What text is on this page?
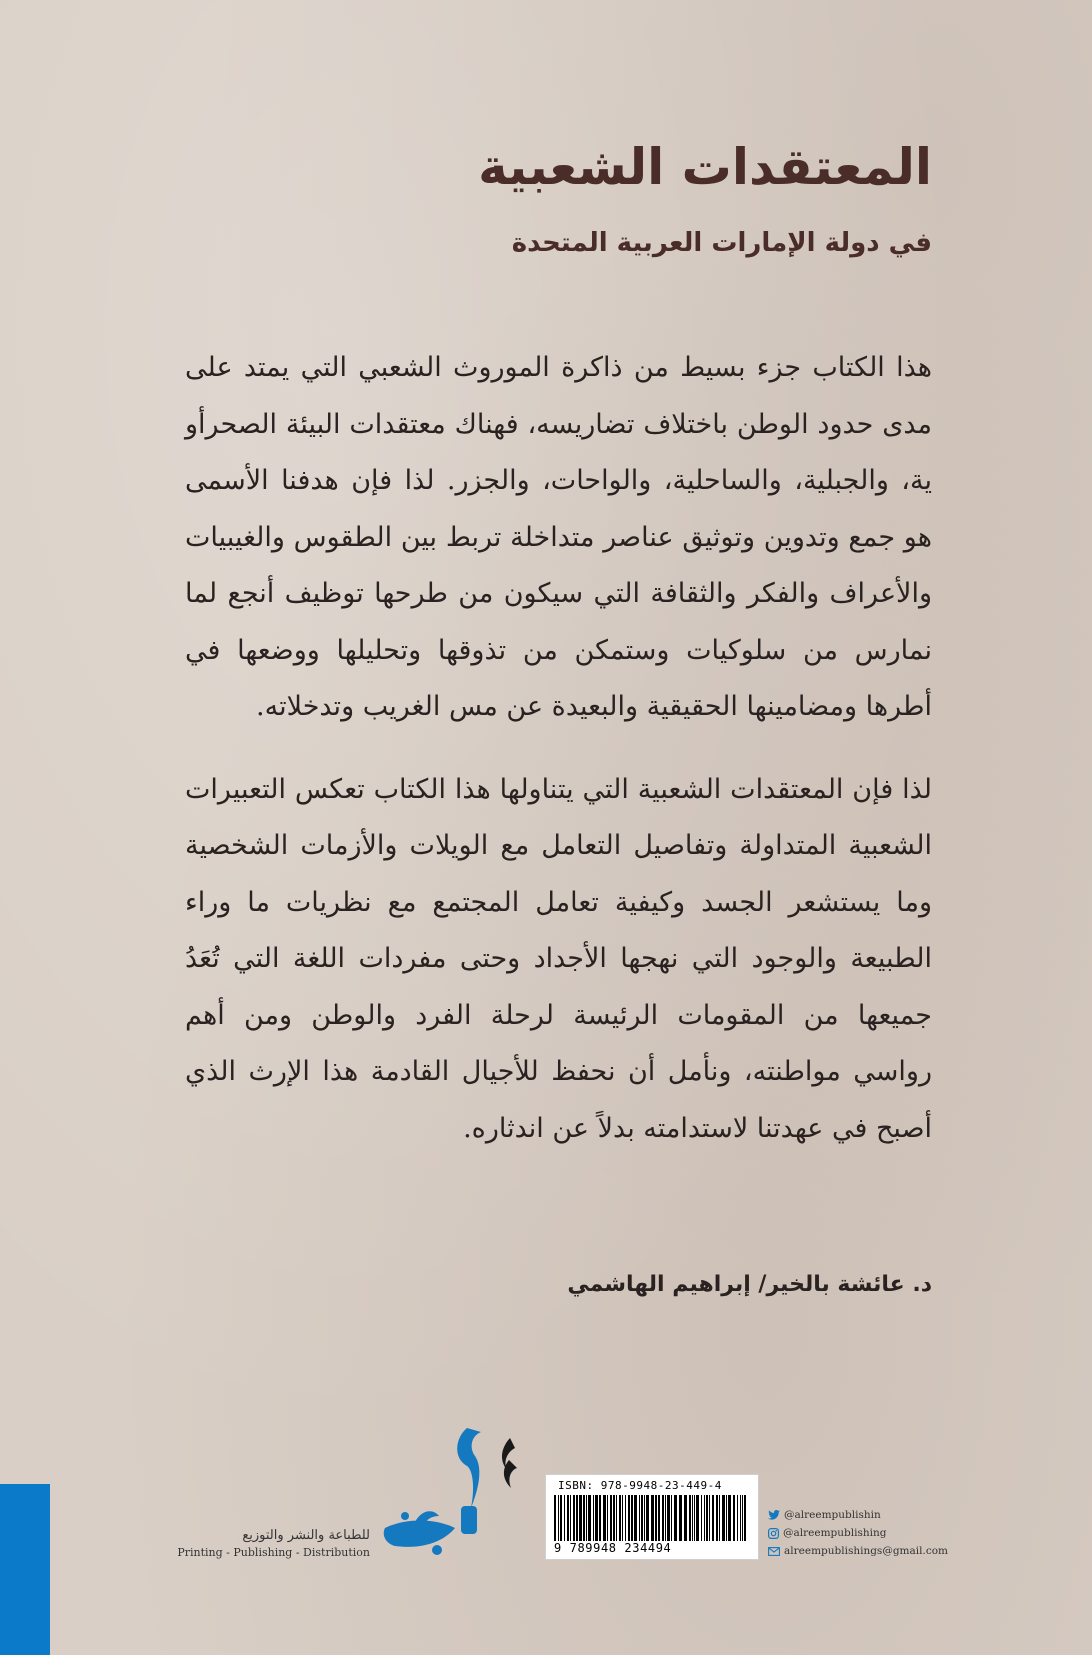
المعتقدات الشعبية
في دولة الإمارات العربية المتحدة

هذا الكتاب جزء بسيط من ذاكرة الموروث الشعبي التي يمتد على مدى حدود الوطن باختلاف تضاريسه، فهناك معتقدات البيئة الصحرأو ية، والجبلية، والساحلية، والواحات، والجزر. لذا فإن هدفنا الأسمى هو جمع وتدوين وتوثيق عناصر متداخلة تربط بين الطقوس والغيبيات والأعراف والفكر والثقافة التي سيكون من طرحها توظيف أنجع لما نمارس من سلوكيات وستمكن من تذوقها وتحليلها ووضعها في أطرها ومضامينها الحقيقية والبعيدة عن مس الغريب وتدخلاته.

لذا فإن المعتقدات الشعبية التي يتناولها هذا الكتاب تعكس التعبيرات الشعبية المتداولة وتفاصيل التعامل مع الويلات والأزمات الشخصية وما يستشعر الجسد وكيفية تعامل المجتمع مع نظريات ما وراء الطبيعة والوجود التي نهجها الأجداد وحتى مفردات اللغة التي تُعَدُ جميعها من المقومات الرئيسة لرحلة الفرد والوطن ومن أهم رواسي مواطنته، ونأمل أن نحفظ للأجيال القادمة هذا الإرث الذي أصبح في عهدتنا لاستدامته بدلاً عن اندثاره.

د. عائشة بالخير/ إبراهيم الهاشمي
للطباعة والنشر والتوزيع
Printing - Publishing - Distribution
ISBN: 978-9948-23-449-4
9 789948 234494
@alreempublishin
@alreempublishing
alreempublishings@gmail.com
